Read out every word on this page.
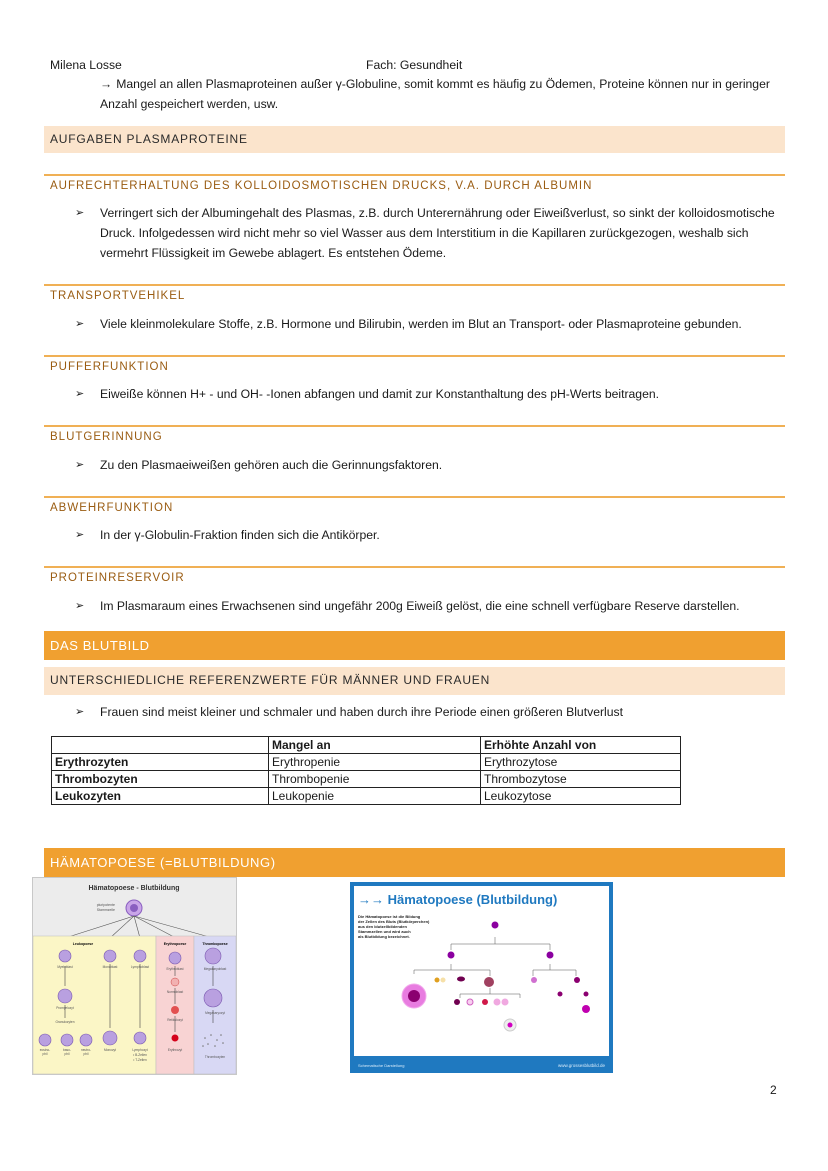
Milena Losse	Fach: Gesundheit
→ Mangel an allen Plasmaproteinen außer γ-Globuline, somit kommt es häufig zu Ödemen, Proteine können nur in geringer Anzahl gespeichert werden, usw.
AUFGABEN PLASMAPROTEINE
AUFRECHTERHALTUNG DES KOLLOIDOSMOTISCHEN DRUCKS, V.A. DURCH ALBUMIN
➢ Verringert sich der Albumingehalt des Plasmas, z.B. durch Unterernährung oder Eiweißverlust, so sinkt der kolloidosmotische Druck. Infolgedessen wird nicht mehr so viel Wasser aus dem Interstitium in die Kapillaren zurückgezogen, weshalb sich vermehrt Flüssigkeit im Gewebe ablagert. Es entstehen Ödeme.
TRANSPORTVEHIKEL
➢ Viele kleinmolekulare Stoffe, z.B. Hormone und Bilirubin, werden im Blut an Transport- oder Plasmaproteine gebunden.
PUFFERFUNKTION
➢ Eiweiße können H+ - und OH- -Ionen abfangen und damit zur Konstanthaltung des pH-Werts beitragen.
BLUTGERINNUNG
➢ Zu den Plasmaeiweißen gehören auch die Gerinnungsfaktoren.
ABWEHRFUNKTION
➢ In der γ-Globulin-Fraktion finden sich die Antikörper.
PROTEINRESERVOIR
➢ Im Plasmaraum eines Erwachsenen sind ungefähr 200g Eiweiß gelöst, die eine schnell verfügbare Reserve darstellen.
DAS BLUTBILD
UNTERSCHIEDLICHE REFERENZWERTE FÜR MÄNNER UND FRAUEN
➢ Frauen sind meist kleiner und schmaler und haben durch ihre Periode einen größeren Blutverlust
	Mangel an	Erhöhte Anzahl von
Erythrozyten	Erythropenie	Erythrozytose
Thrombozyten	Thrombopenie	Thrombozytose
Leukozyten	Leukopenie	Leukozytose
HÄMATOPOESE (=BLUTBILDUNG)
Hämatopoese - Blutbildung
pluripotente
Stammzelle
Leukopoese	Erythropoese	Thrombopoese
Myeloblast	Monoblast	Lymphoblast	Erythroblast	Megakaryoblast
Promyelozyt
Normoblast
Megakaryozyt
Granulozyten	Retikulozyt
eosino-
phil
baso-
phil
neutro-
phil
Monozyt	Lymphozyt
• B-Zellen
• T-Zellen
Erythrozyt
Thrombozyten
→→ Hämatopoese (Blutbildung)
Die Hämatopoese ist die Bildung
der Zellen des Bluts (Blutkörperchen)
aus den blutzellbildenden
Stammzellen und wird auch
als Blutbildung bezeichnet.
Schematische Darstellung	www.grossesblutbild.de
2
